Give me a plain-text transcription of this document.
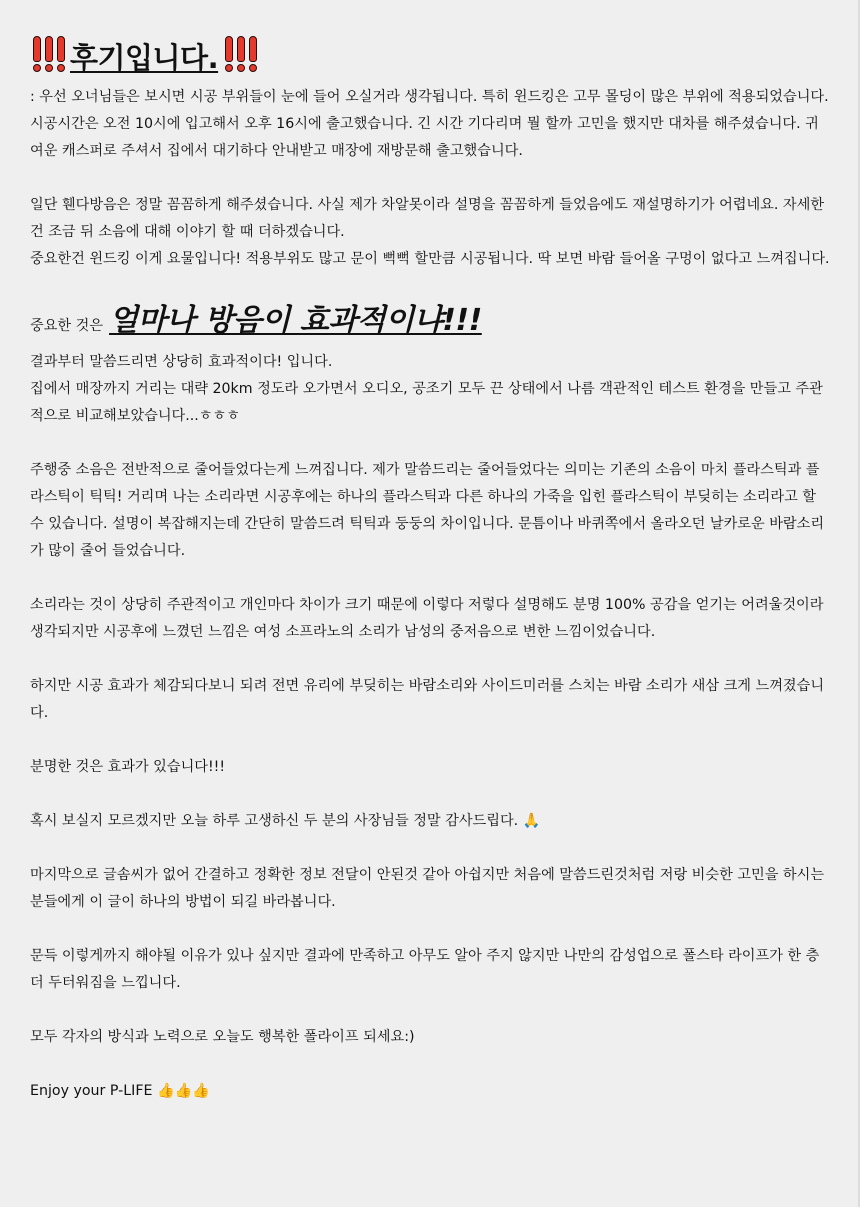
후기입니다.

: 우선 오너님들은 보시면 시공 부위들이 눈에 들어 오실거라 생각됩니다. 특히 윈드킹은 고무 몰딩이 많은 부위에 적용되었습니다.

시공시간은 오전 10시에 입고해서 오후 16시에 출고했습니다. 긴 시간 기다리며 뭘 할까 고민을 했지만 대차를 해주셨습니다. 귀여운 캐스퍼로 주셔서 집에서 대기하다 안내받고 매장에 재방문해 출고했습니다.

일단 휀다방음은 정말 꼼꼼하게 해주셨습니다. 사실 제가 차알못이라 설명을 꼼꼼하게 들었음에도 재설명하기가 어렵네요. 자세한건 조금 뒤 소음에 대해 이야기 할 때 더하겠습니다.

중요한건 윈드킹 이게 요물입니다! 적용부위도 많고 문이 뻑뻑 할만큼 시공됩니다. 딱 보면 바람 들어올 구멍이 없다고 느껴집니다.

중요한 것은 얼마나 방음이 효과적이냐!!!

결과부터 말씀드리면 상당히 효과적이다! 입니다.

집에서 매장까지 거리는 대략 20km 정도라 오가면서 오디오, 공조기 모두 끈 상태에서 나름 객관적인 테스트 환경을 만들고 주관적으로 비교해보았습니다...ㅎㅎㅎ

주행중 소음은 전반적으로 줄어들었다는게 느껴집니다. 제가 말씀드리는 줄어들었다는 의미는 기존의 소음이 마치 플라스틱과 플라스틱이 틱틱! 거리며 나는 소리라면 시공후에는 하나의 플라스틱과 다른 하나의 가죽을 입힌 플라스틱이 부딪히는 소리라고 할 수 있습니다. 설명이 복잡해지는데 간단히 말씀드려 틱틱과 둥둥의 차이입니다. 문틈이나 바퀴쪽에서 올라오던 날카로운 바람소리가 많이 줄어 들었습니다.

소리라는 것이 상당히 주관적이고 개인마다 차이가 크기 때문에 이렇다 저렇다 설명해도 분명 100% 공감을 얻기는 어려울것이라 생각되지만 시공후에 느꼈던 느낌은 여성 소프라노의 소리가 남성의 중저음으로 변한 느낌이었습니다.

하지만 시공 효과가 체감되다보니 되려 전면 유리에 부딪히는 바람소리와 사이드미러를 스치는 바람 소리가 새삼 크게 느껴졌습니다.

분명한 것은 효과가 있습니다!!!

혹시 보실지 모르겠지만 오늘 하루 고생하신 두 분의 사장님들 정말 감사드립다. 🙏

마지막으로 글솜씨가 없어 간결하고 정확한 정보 전달이 안된것 같아 아쉽지만 처음에 말씀드린것처럼 저랑 비슷한 고민을 하시는 분들에게 이 글이 하나의 방법이 되길 바라봅니다.

문득 이렇게까지 해야될 이유가 있나 싶지만 결과에 만족하고 아무도 알아 주지 않지만 나만의 감성업으로 폴스타 라이프가 한 층 더 두터워짐을 느낍니다.

모두 각자의 방식과 노력으로 오늘도 행복한 폴라이프 되세요:)

Enjoy your P-LIFE 👍👍👍
